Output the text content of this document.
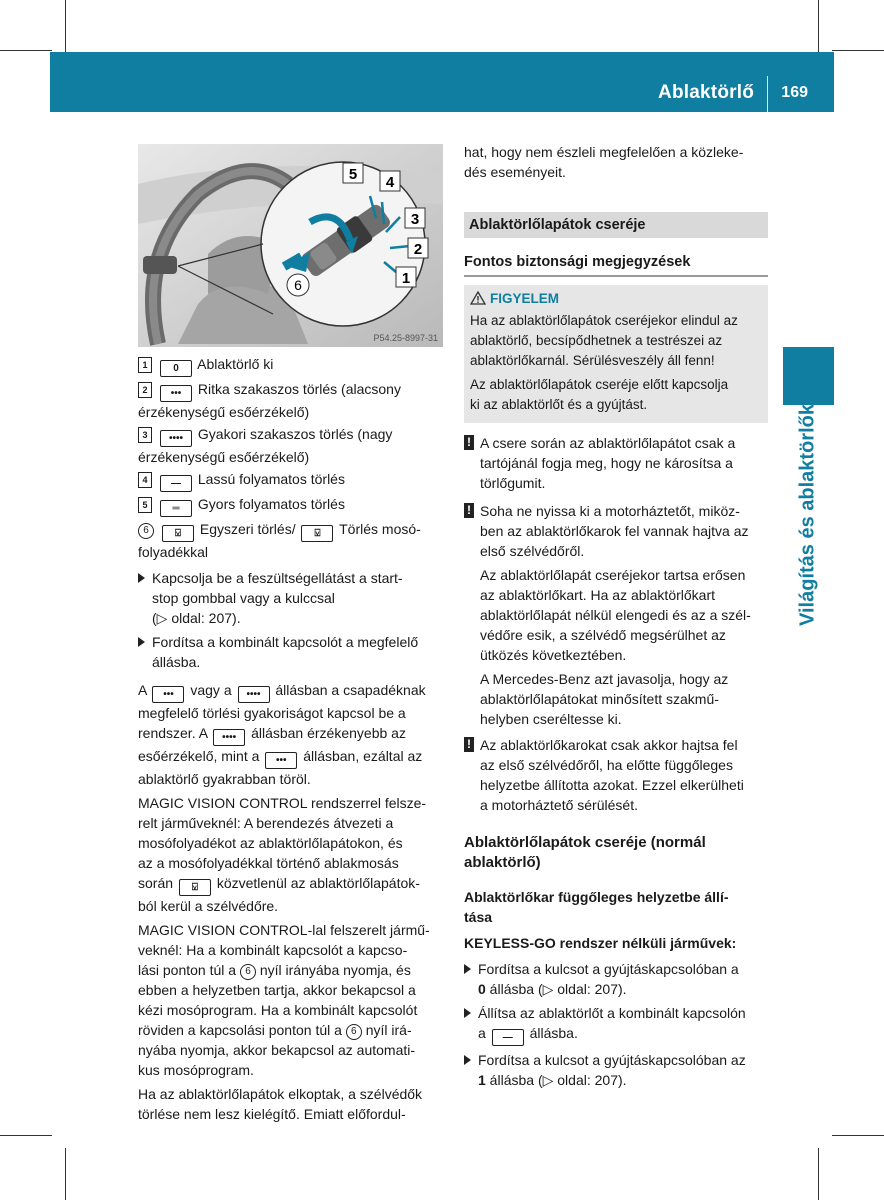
Ablaktörlő 169
Világítás és ablaktörlők
5 4
3
2
1
6
P54.25-8997-31
1	0 Ablaktörlő ki
2 ••• Ritka szakaszos törlés (alacsony
érzékenységű esőérzékelő)
3 •••• Gyakori szakaszos törlés (nagy
érzékenységű esőérzékelő)
4 — Lassú folyamatos törlés
5 ═ Gyors folyamatos törlés
6	⍌ Egyszeri törlés/ ⍌ Törlés mosó-
folyadékkal
Kapcsolja be a feszültségellátást a start-
stop gombbal vagy a kulccsal
(▷ oldal: 207).
Fordítsa a kombinált kapcsolót a megfelelő
állásba.

A ••• vagy a •••• állásban a csapadéknak
megfelelő törlési gyakoriságot kapcsol be a
rendszer. A •••• állásban érzékenyebb az
esőérzékelő, mint a ••• állásban, ezáltal az
ablaktörlő gyakrabban töröl.

MAGIC VISION CONTROL rendszerrel felsze-
relt járműveknél: A berendezés átvezeti a
mosófolyadékot az ablaktörlőlapátokon, és
az a mosófolyadékkal történő ablakmosás
során ⍌ közvetlenül az ablaktörlőlapátok-
ból kerül a szélvédőre.

MAGIC VISION CONTROL-lal felszerelt jármű-
veknél: Ha a kombinált kapcsolót a kapcso-
lási ponton túl a 6 nyíl irányába nyomja, és
ebben a helyzetben tartja, akkor bekapcsol a
kézi mosóprogram. Ha a kombinált kapcsolót
röviden a kapcsolási ponton túl a 6 nyíl irá-
nyába nyomja, akkor bekapcsol az automati-
kus mosóprogram.

Ha az ablaktörlőlapátok elkoptak, a szélvédők
törlése nem lesz kielégítő. Emiatt előfordul-

hat, hogy nem észleli megfelelően a közleke-
dés eseményeit.

Ablaktörlőlapátok cseréje
Fontos biztonsági megjegyzések
FIGYELEM

Ha az ablaktörlőlapátok cseréjekor elindul az
ablaktörlő, becsípődhetnek a testrészei az
ablaktörlőkarnál. Sérülésveszély áll fenn!

Az ablaktörlőlapátok cseréje előtt kapcsolja
ki az ablaktörlőt és a gyújtást.

! A csere során az ablaktörlőlapátot csak a
tartójánál fogja meg, hogy ne károsítsa a
törlőgumit.
! Soha ne nyissa ki a motorháztetőt, miköz-
ben az ablaktörlőkarok fel vannak hajtva az
első szélvédőről.
Az ablaktörlőlapát cseréjekor tartsa erősen
az ablaktörlőkart. Ha az ablaktörlőkart
ablaktörlőlapát nélkül elengedi és az a szél-
védőre esik, a szélvédő megsérülhet az
ütközés következtében.
A Mercedes-Benz azt javasolja, hogy az
ablaktörlőlapátokat minősített szakmű-
helyben cseréltesse ki.
! Az ablaktörlőkarokat csak akkor hajtsa fel
az első szélvédőről, ha előtte függőleges
helyzetbe állította azokat. Ezzel elkerülheti
a motorháztető sérülését.
Ablaktörlőlapátok cseréje (normál
ablaktörlő)
Ablaktörlőkar függőleges helyzetbe állí-
tása
KEYLESS-GO rendszer nélküli járművek:
Fordítsa a kulcsot a gyújtáskapcsolóban a
0 állásba (▷ oldal: 207).
Állítsa az ablaktörlőt a kombinált kapcsolón
a — állásba.
Fordítsa a kulcsot a gyújtáskapcsolóban az
1 állásba (▷ oldal: 207).
